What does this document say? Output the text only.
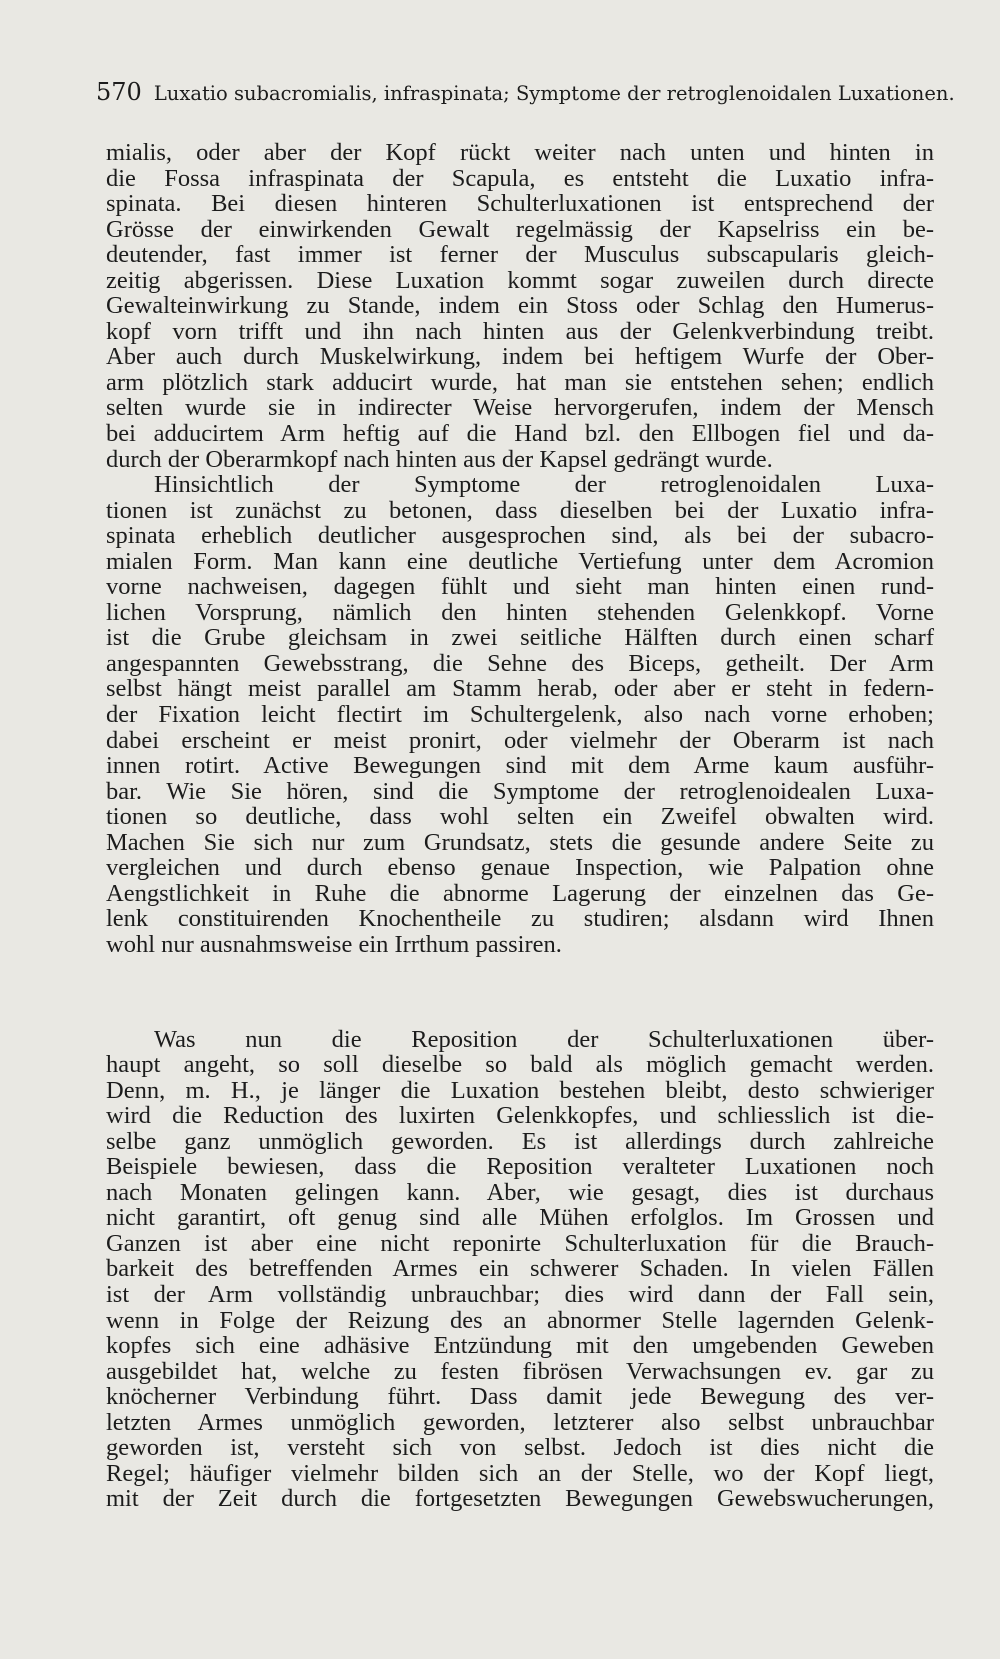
570 Luxatio subacromialis, infraspinata; Symptome der retroglenoidalen Luxationen.
mialis, oder aber der Kopf rückt weiter nach unten und hinten in
die Fossa infraspinata der Scapula, es entsteht die Luxatio infra-
spinata. Bei diesen hinteren Schulterluxationen ist entsprechend der
Grösse der einwirkenden Gewalt regelmässig der Kapselriss ein be-
deutender, fast immer ist ferner der Musculus subscapularis gleich-
zeitig abgerissen. Diese Luxation kommt sogar zuweilen durch directe
Gewalteinwirkung zu Stande, indem ein Stoss oder Schlag den Humerus-
kopf vorn trifft und ihn nach hinten aus der Gelenkverbindung treibt.
Aber auch durch Muskelwirkung, indem bei heftigem Wurfe der Ober-
arm plötzlich stark adducirt wurde, hat man sie entstehen sehen; endlich
selten wurde sie in indirecter Weise hervorgerufen, indem der Mensch
bei adducirtem Arm heftig auf die Hand bzl. den Ellbogen fiel und da-
durch der Oberarmkopf nach hinten aus der Kapsel gedrängt wurde.
Hinsichtlich der Symptome der retroglenoidalen Luxa-
tionen ist zunächst zu betonen, dass dieselben bei der Luxatio infra-
spinata erheblich deutlicher ausgesprochen sind, als bei der subacro-
mialen Form. Man kann eine deutliche Vertiefung unter dem Acromion
vorne nachweisen, dagegen fühlt und sieht man hinten einen rund-
lichen Vorsprung, nämlich den hinten stehenden Gelenkkopf. Vorne
ist die Grube gleichsam in zwei seitliche Hälften durch einen scharf
angespannten Gewebsstrang, die Sehne des Biceps, getheilt. Der Arm
selbst hängt meist parallel am Stamm herab, oder aber er steht in federn-
der Fixation leicht flectirt im Schultergelenk, also nach vorne erhoben;
dabei erscheint er meist pronirt, oder vielmehr der Oberarm ist nach
innen rotirt. Active Bewegungen sind mit dem Arme kaum ausführ-
bar. Wie Sie hören, sind die Symptome der retroglenoidealen Luxa-
tionen so deutliche, dass wohl selten ein Zweifel obwalten wird.
Machen Sie sich nur zum Grundsatz, stets die gesunde andere Seite zu
vergleichen und durch ebenso genaue Inspection, wie Palpation ohne
Aengstlichkeit in Ruhe die abnorme Lagerung der einzelnen das Ge-
lenk constituirenden Knochentheile zu studiren; alsdann wird Ihnen
wohl nur ausnahmsweise ein Irrthum passiren.
Was nun die Reposition der Schulterluxationen über-
haupt angeht, so soll dieselbe so bald als möglich gemacht werden.
Denn, m. H., je länger die Luxation bestehen bleibt, desto schwieriger
wird die Reduction des luxirten Gelenkkopfes, und schliesslich ist die-
selbe ganz unmöglich geworden. Es ist allerdings durch zahlreiche
Beispiele bewiesen, dass die Reposition veralteter Luxationen noch
nach Monaten gelingen kann. Aber, wie gesagt, dies ist durchaus
nicht garantirt, oft genug sind alle Mühen erfolglos. Im Grossen und
Ganzen ist aber eine nicht reponirte Schulterluxation für die Brauch-
barkeit des betreffenden Armes ein schwerer Schaden. In vielen Fällen
ist der Arm vollständig unbrauchbar; dies wird dann der Fall sein,
wenn in Folge der Reizung des an abnormer Stelle lagernden Gelenk-
kopfes sich eine adhäsive Entzündung mit den umgebenden Geweben
ausgebildet hat, welche zu festen fibrösen Verwachsungen ev. gar zu
knöcherner Verbindung führt. Dass damit jede Bewegung des ver-
letzten Armes unmöglich geworden, letzterer also selbst unbrauchbar
geworden ist, versteht sich von selbst. Jedoch ist dies nicht die
Regel; häufiger vielmehr bilden sich an der Stelle, wo der Kopf liegt,
mit der Zeit durch die fortgesetzten Bewegungen Gewebswucherungen,
